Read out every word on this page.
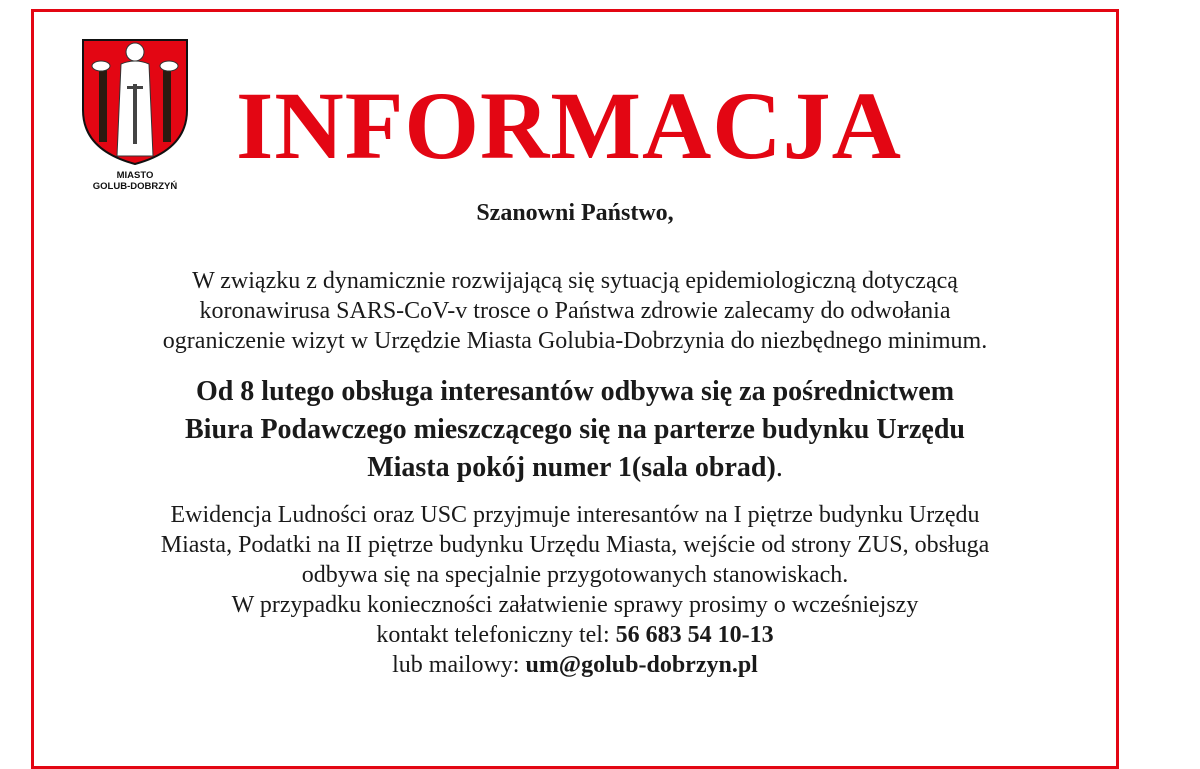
MIASTO
GOLUB-DOBRZYŃ
INFORMACJA
Szanowni Państwo,
W związku z dynamicznie rozwijającą się sytuacją epidemiologiczną dotyczącą
koronawirusa SARS-CoV-v trosce o Państwa zdrowie zalecamy do odwołania
ograniczenie wizyt w Urzędzie Miasta Golubia-Dobrzynia do niezbędnego minimum.
Od 8 lutego obsługa interesantów odbywa się za pośrednictwem
Biura Podawczego mieszczącego się na parterze budynku Urzędu
Miasta pokój numer 1(sala obrad).
Ewidencja Ludności oraz USC przyjmuje interesantów na I piętrze budynku Urzędu
Miasta, Podatki na II piętrze budynku Urzędu Miasta, wejście od strony ZUS, obsługa
odbywa się na specjalnie przygotowanych stanowiskach.
W przypadku konieczności załatwienie sprawy prosimy o wcześniejszy
kontakt telefoniczny tel: 56 683 54 10-13
lub mailowy: um@golub-dobrzyn.pl
